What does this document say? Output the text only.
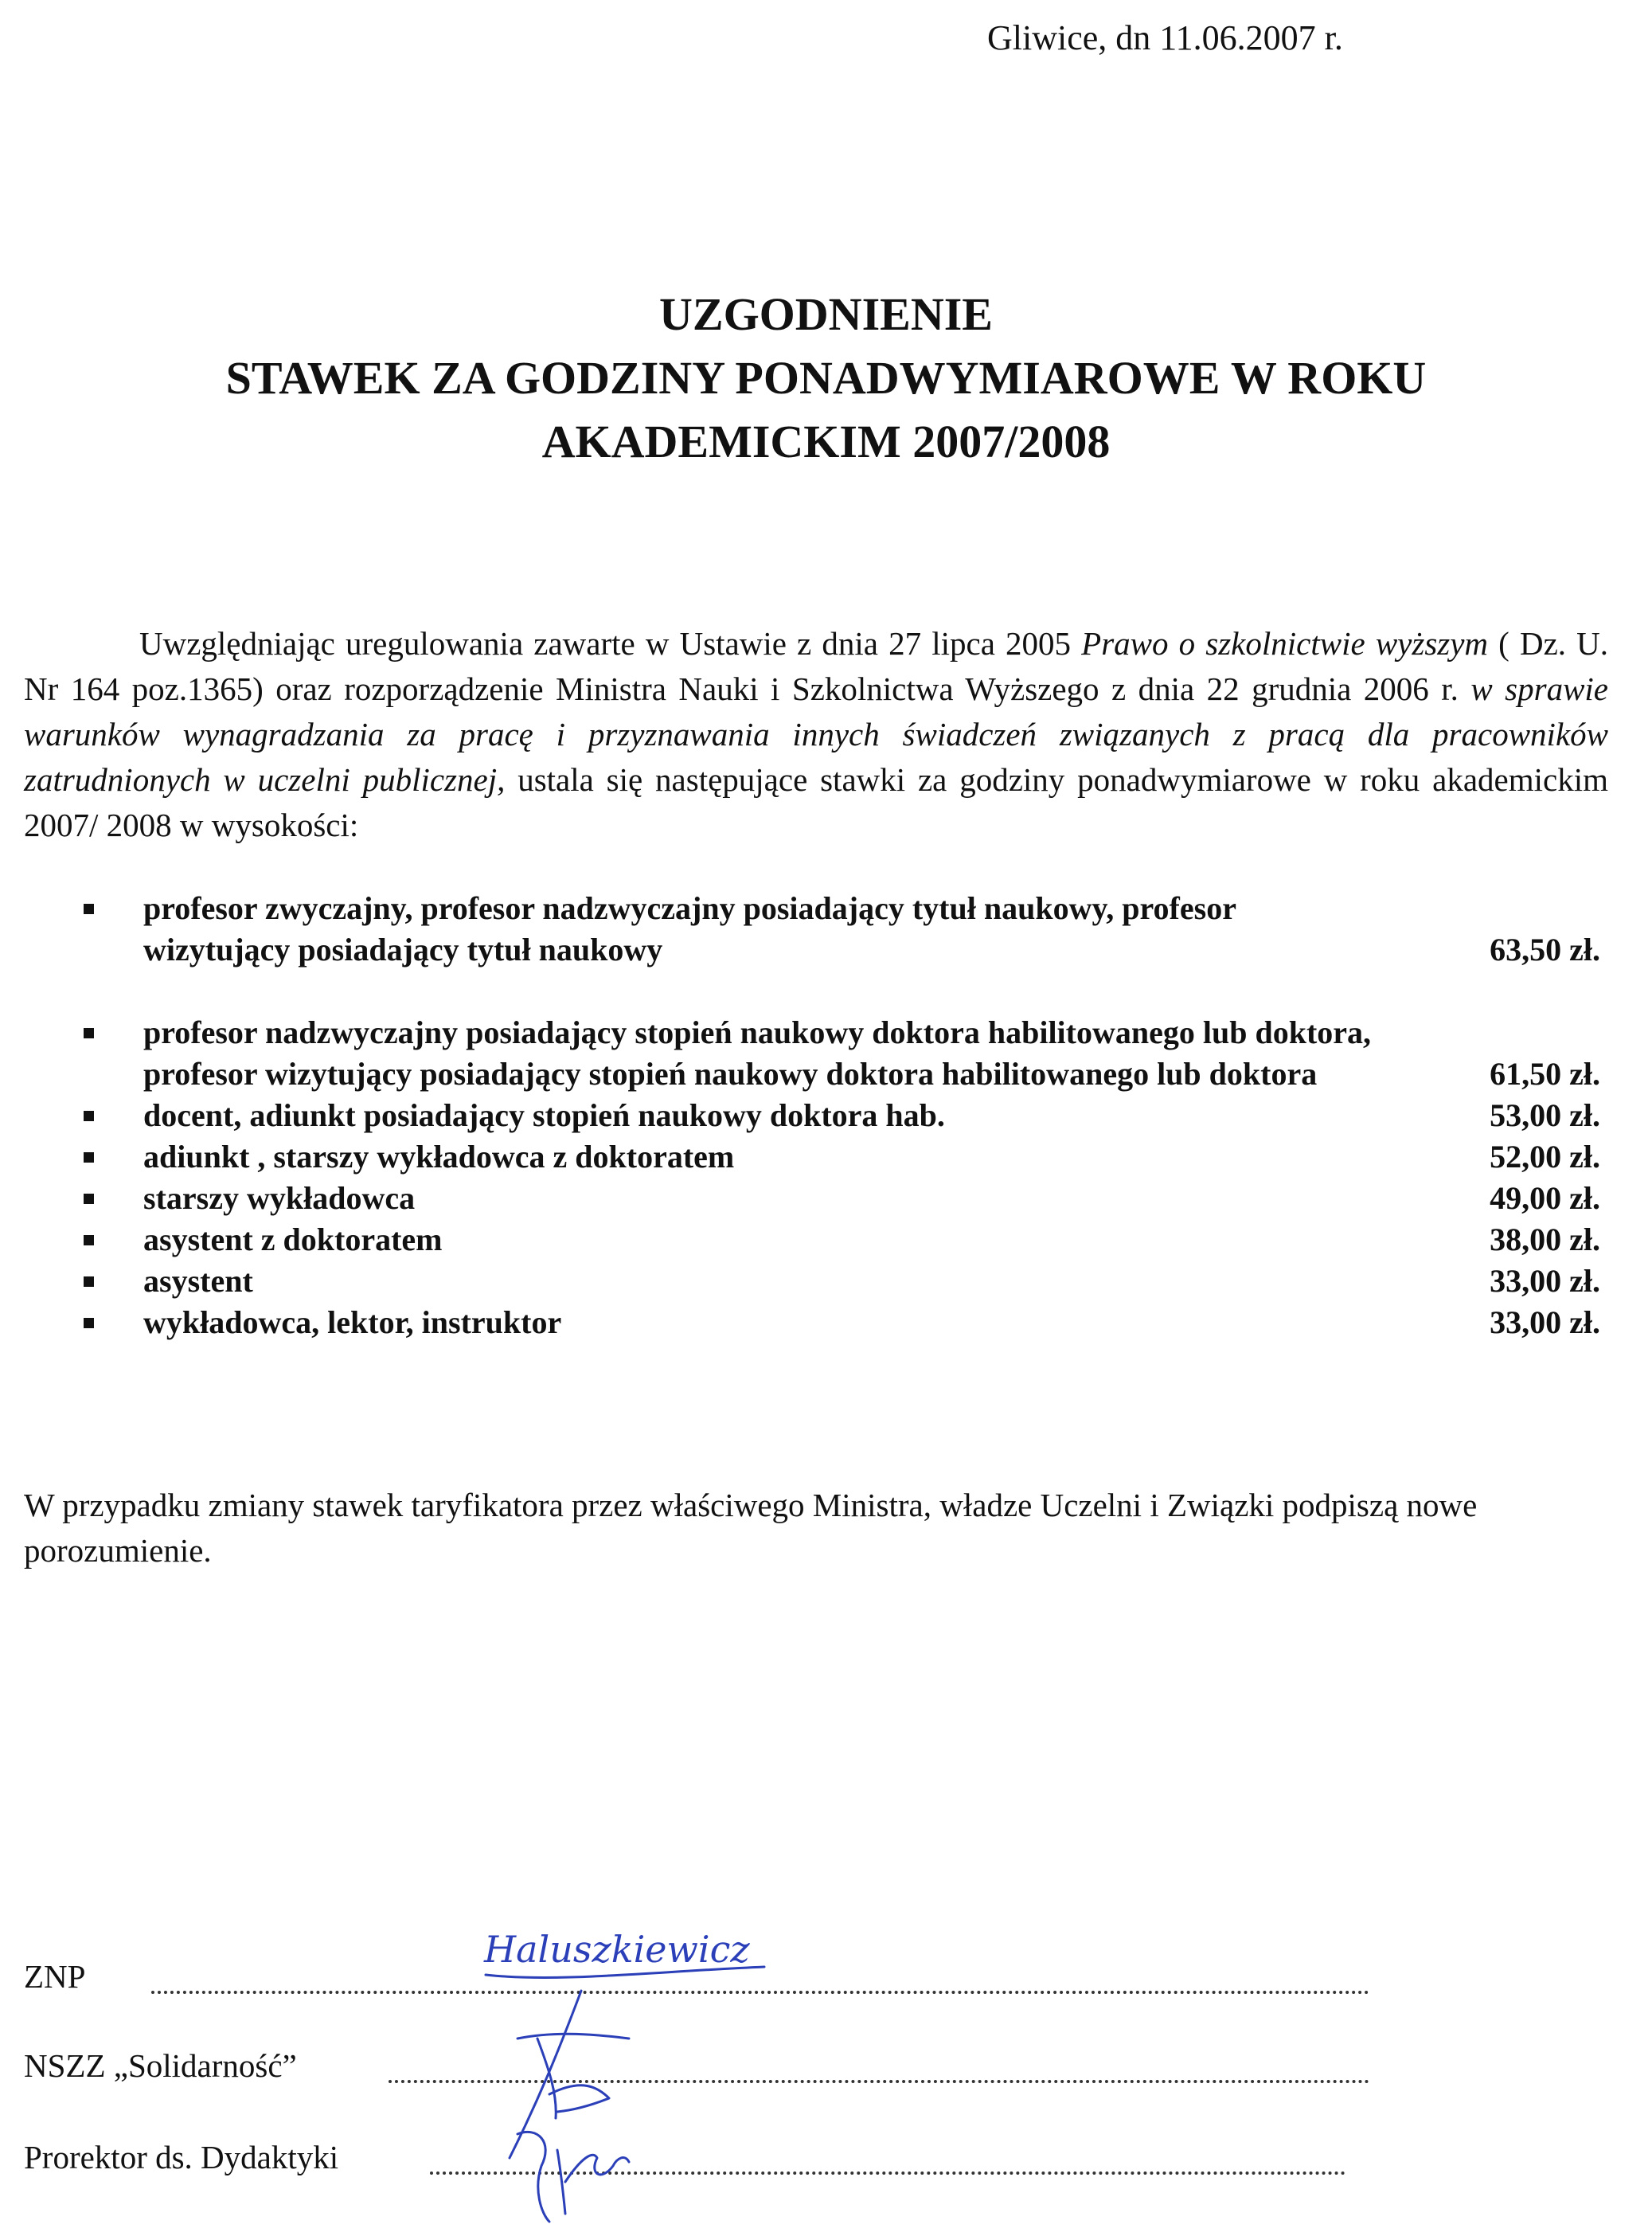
Gliwice, dn 11.06.2007 r.
UZGODNIENIE
STAWEK ZA GODZINY PONADWYMIAROWE W ROKU
AKADEMICKIM 2007/2008
Uwzględniając uregulowania zawarte w Ustawie z dnia 27 lipca 2005 Prawo o szkolnictwie wyższym ( Dz. U. Nr 164 poz.1365) oraz rozporządzenie Ministra Nauki i Szkolnictwa Wyższego z dnia 22 grudnia 2006 r. w sprawie warunków wynagradzania za pracę i przyznawania innych świadczeń związanych z pracą dla pracowników zatrudnionych w uczelni publicznej, ustala się następujące stawki za godziny ponadwymiarowe w roku akademickim 2007/ 2008 w wysokości:
profesor zwyczajny, profesor nadzwyczajny posiadający tytuł naukowy, profesor wizytujący posiadający tytuł naukowy	63,50 zł.
profesor nadzwyczajny posiadający stopień naukowy doktora habilitowanego lub doktora, profesor wizytujący posiadający stopień naukowy doktora habilitowanego lub doktora	61,50 zł.
docent, adiunkt posiadający stopień naukowy doktora hab.	53,00 zł.
adiunkt , starszy wykładowca z doktoratem	52,00 zł.
starszy wykładowca	49,00 zł.
asystent z doktoratem	38,00 zł.
asystent	33,00 zł.
wykładowca, lektor, instruktor	33,00 zł.
W przypadku zmiany stawek taryfikatora przez właściwego Ministra, władze Uczelni i Związki podpiszą nowe porozumienie.
ZNP
NSZZ „Solidarność”
Prorektor ds. Dydaktyki
Haluszkiewicz
